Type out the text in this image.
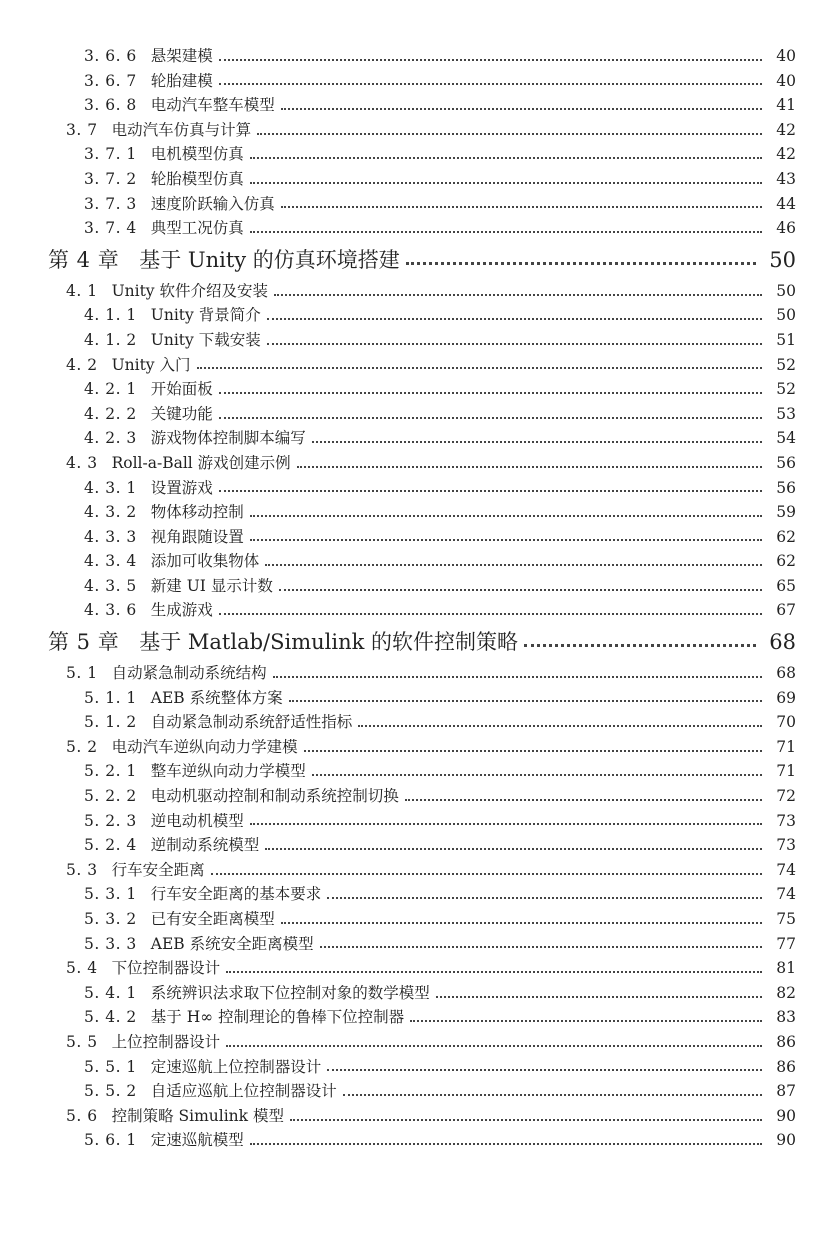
3. 6. 6 悬架建模	40
3. 6. 7 轮胎建模	40
3. 6. 8 电动汽车整车模型	41
3. 7 电动汽车仿真与计算	42
3. 7. 1 电机模型仿真	42
3. 7. 2 轮胎模型仿真	43
3. 7. 3 速度阶跃输入仿真	44
3. 7. 4 典型工况仿真	46
第 4 章 基于 Unity 的仿真环境搭建	50
4. 1 Unity 软件介绍及安装	50
4. 1. 1 Unity 背景简介	50
4. 1. 2 Unity 下载安装	51
4. 2 Unity 入门	52
4. 2. 1 开始面板	52
4. 2. 2 关键功能	53
4. 2. 3 游戏物体控制脚本编写	54
4. 3 Roll-a-Ball 游戏创建示例	56
4. 3. 1 设置游戏	56
4. 3. 2 物体移动控制	59
4. 3. 3 视角跟随设置	62
4. 3. 4 添加可收集物体	62
4. 3. 5 新建 UI 显示计数	65
4. 3. 6 生成游戏	67
第 5 章 基于 Matlab/Simulink 的软件控制策略	68
5. 1 自动紧急制动系统结构	68
5. 1. 1 AEB 系统整体方案	69
5. 1. 2 自动紧急制动系统舒适性指标	70
5. 2 电动汽车逆纵向动力学建模	71
5. 2. 1 整车逆纵向动力学模型	71
5. 2. 2 电动机驱动控制和制动系统控制切换	72
5. 2. 3 逆电动机模型	73
5. 2. 4 逆制动系统模型	73
5. 3 行车安全距离	74
5. 3. 1 行车安全距离的基本要求	74
5. 3. 2 已有安全距离模型	75
5. 3. 3 AEB 系统安全距离模型	77
5. 4 下位控制器设计	81
5. 4. 1 系统辨识法求取下位控制对象的数学模型	82
5. 4. 2 基于 H∞ 控制理论的鲁棒下位控制器	83
5. 5 上位控制器设计	86
5. 5. 1 定速巡航上位控制器设计	86
5. 5. 2 自适应巡航上位控制器设计	87
5. 6 控制策略 Simulink 模型	90
5. 6. 1 定速巡航模型	90
